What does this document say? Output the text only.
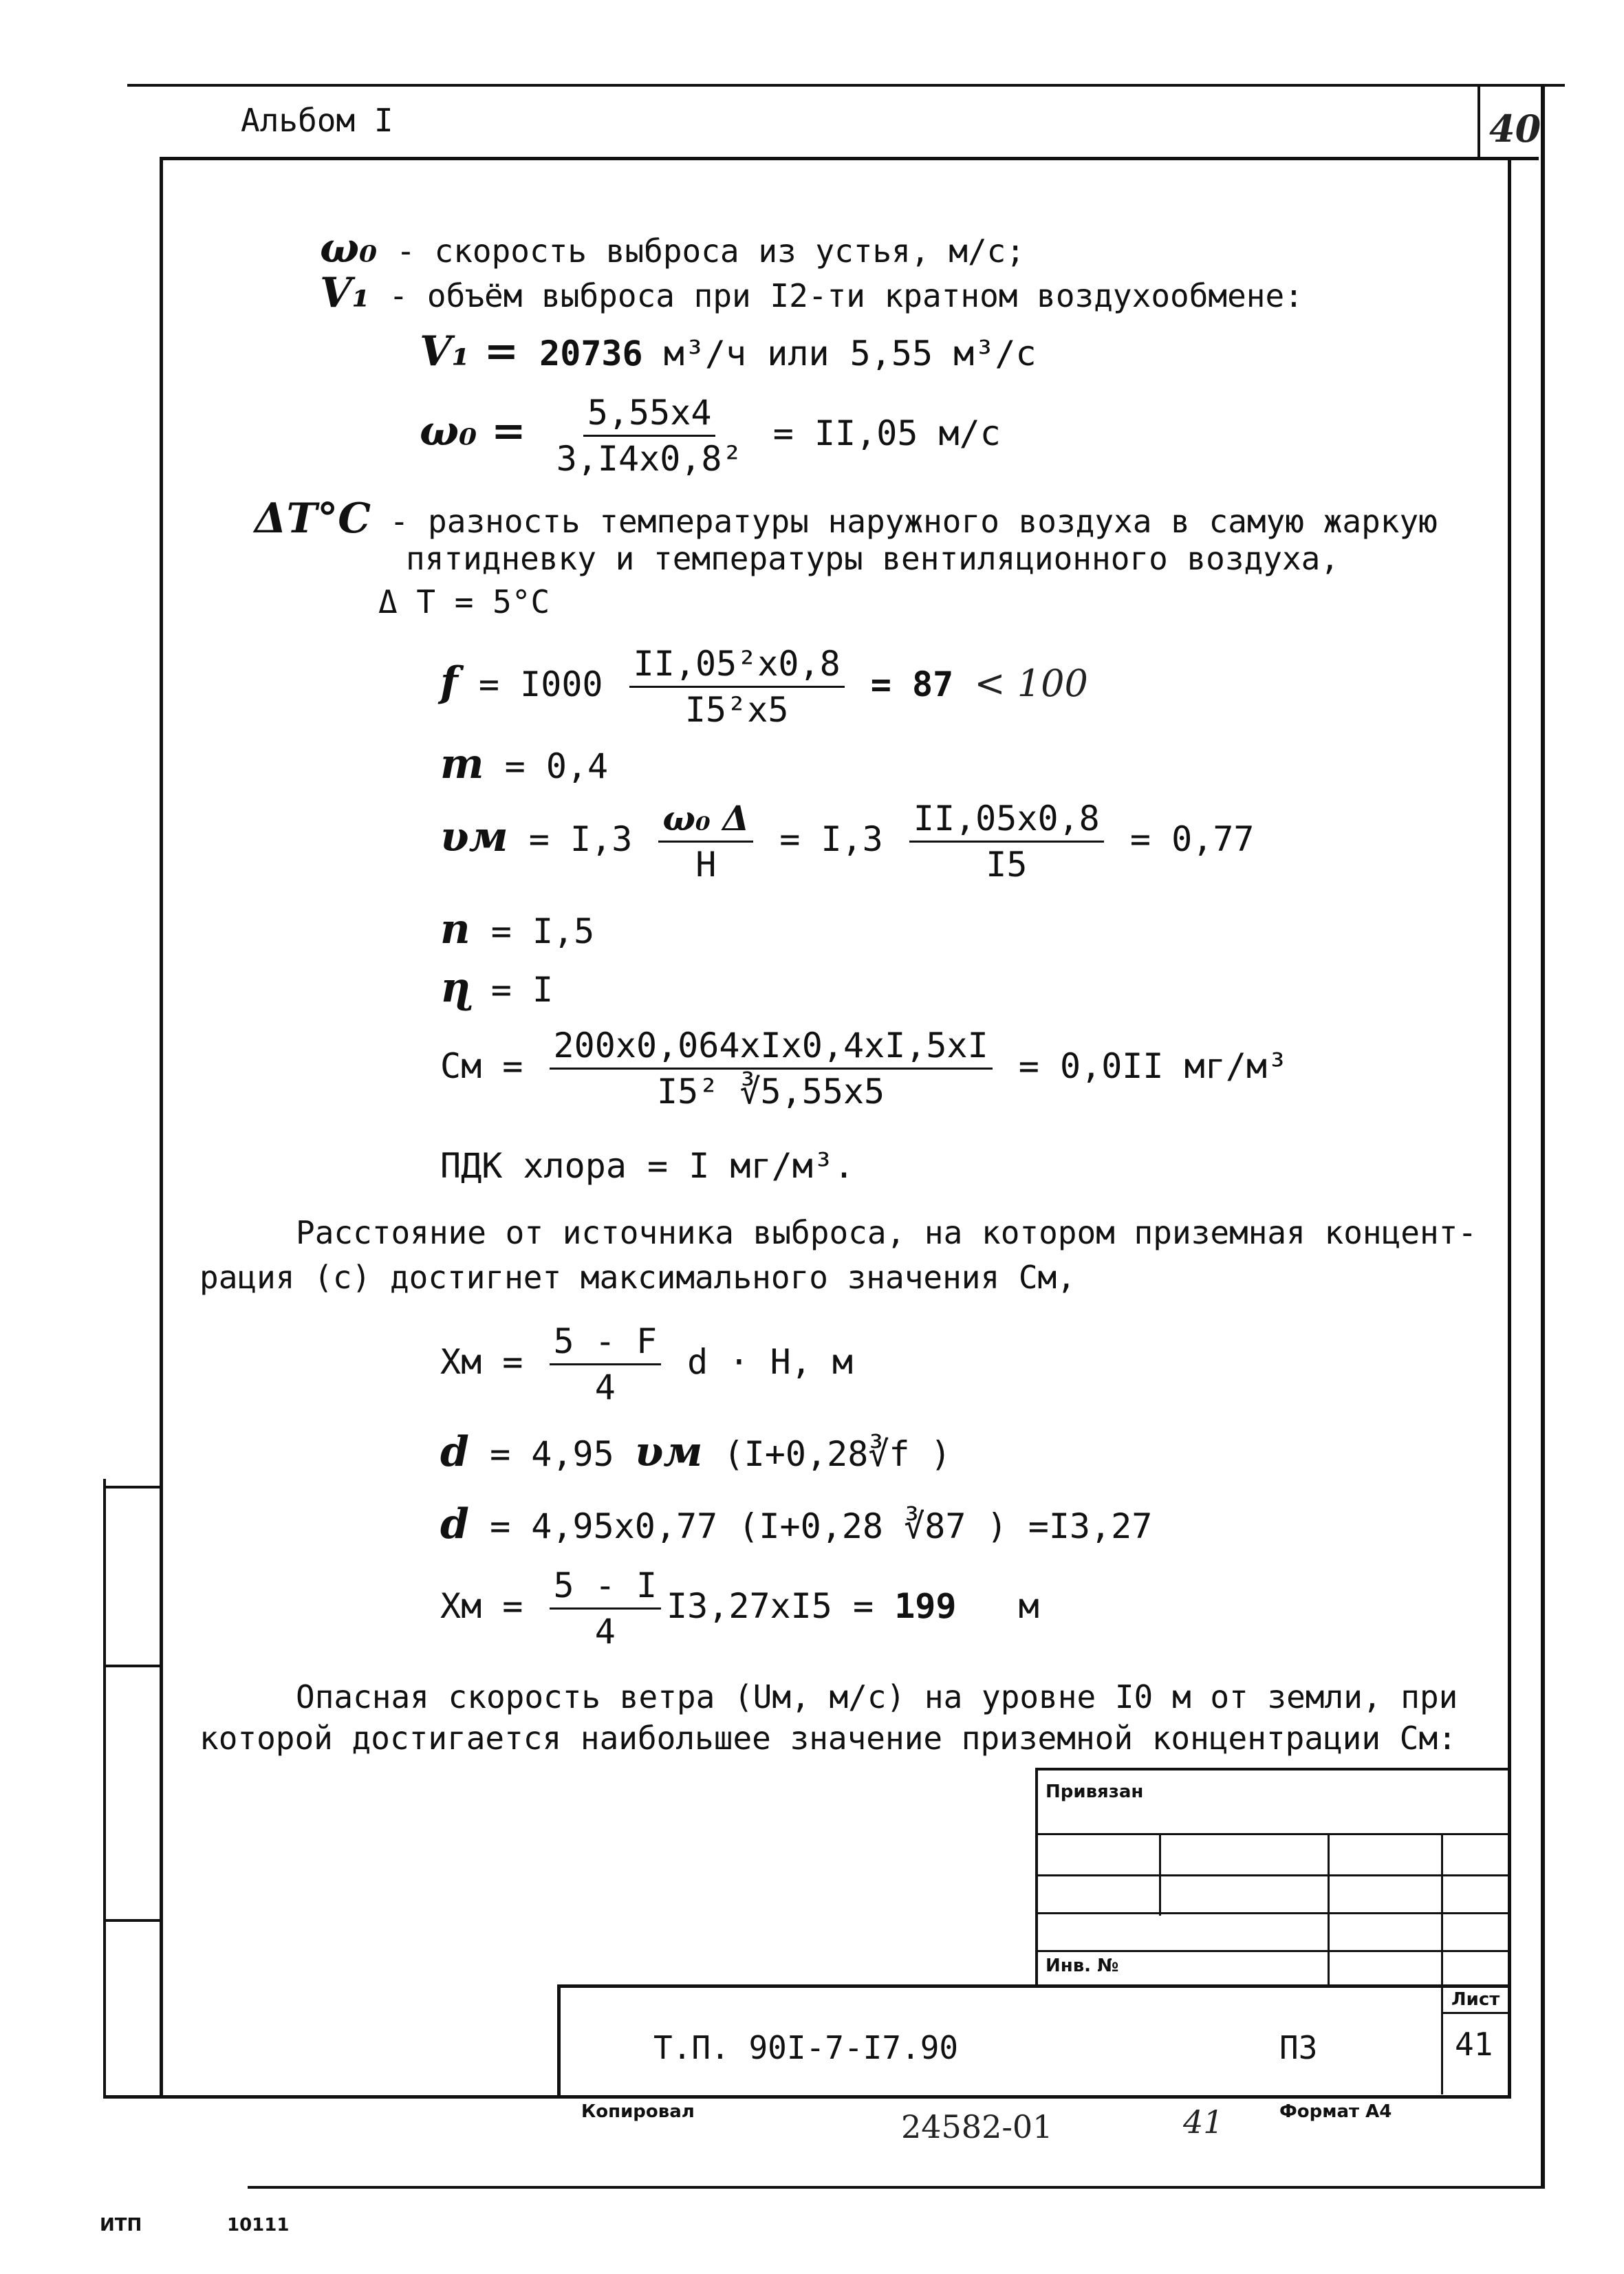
Альбом I	40
ω₀ - скорость выброса из устья, м/с;
V₁ - объём выброса при I2-ти кратном воздухообмене:
V₁ = 20736 м³/ч или 5,55 м³/с
$\omega_0 = \frac{5,55x4}{\text{3,I4x0,8²}} = II,05$ м/с
ΔT°C - разность температуры наружного воздуха в самую жаркую
пятидневку и температуры вентиляционного воздуха,
Δ T = 5°C
$f = I000 \frac{\text{II,05²x0,8}}{\text{I5²x5}} = 87 < 100$
m = 0,4
$\upsilon м = I,3 \frac{\text{ω₀ Δ}}{H} = I,3 \frac{II,05x0,8}{I5} = 0,77$
n = I,5
ɳ = I
См = $\frac{\text{200x0,064xIx0,4xI,5xI}}{\text{I5² ∛5,55x5}} = 0,0II$ мг/м³
ПДК хлора = I мг/м³.
Расстояние от источника выброса, на котором приземная концент-
рация (с) достигнет максимального значения См,
Xм = $\frac{5 - F}{4}$ d · H, м
d = 4,95 υм (I+0,28∛f )
d = 4,95x0,77 (I+0,28 ∛87 ) =I3,27
Xм = $\frac{5 - I}{4} I3,27xI5 = 199$ м
Опасная скорость ветра (Uм, м/с) на уровне I0 м от земли, при
которой достигается наибольшее значение приземной концентрации См:
Привязан
Инв. №
Т.П. 90I-7-I7.90	ПЗ
Лист
41
Копировал	24582-01	41	Формат А4
ИТП	10111
